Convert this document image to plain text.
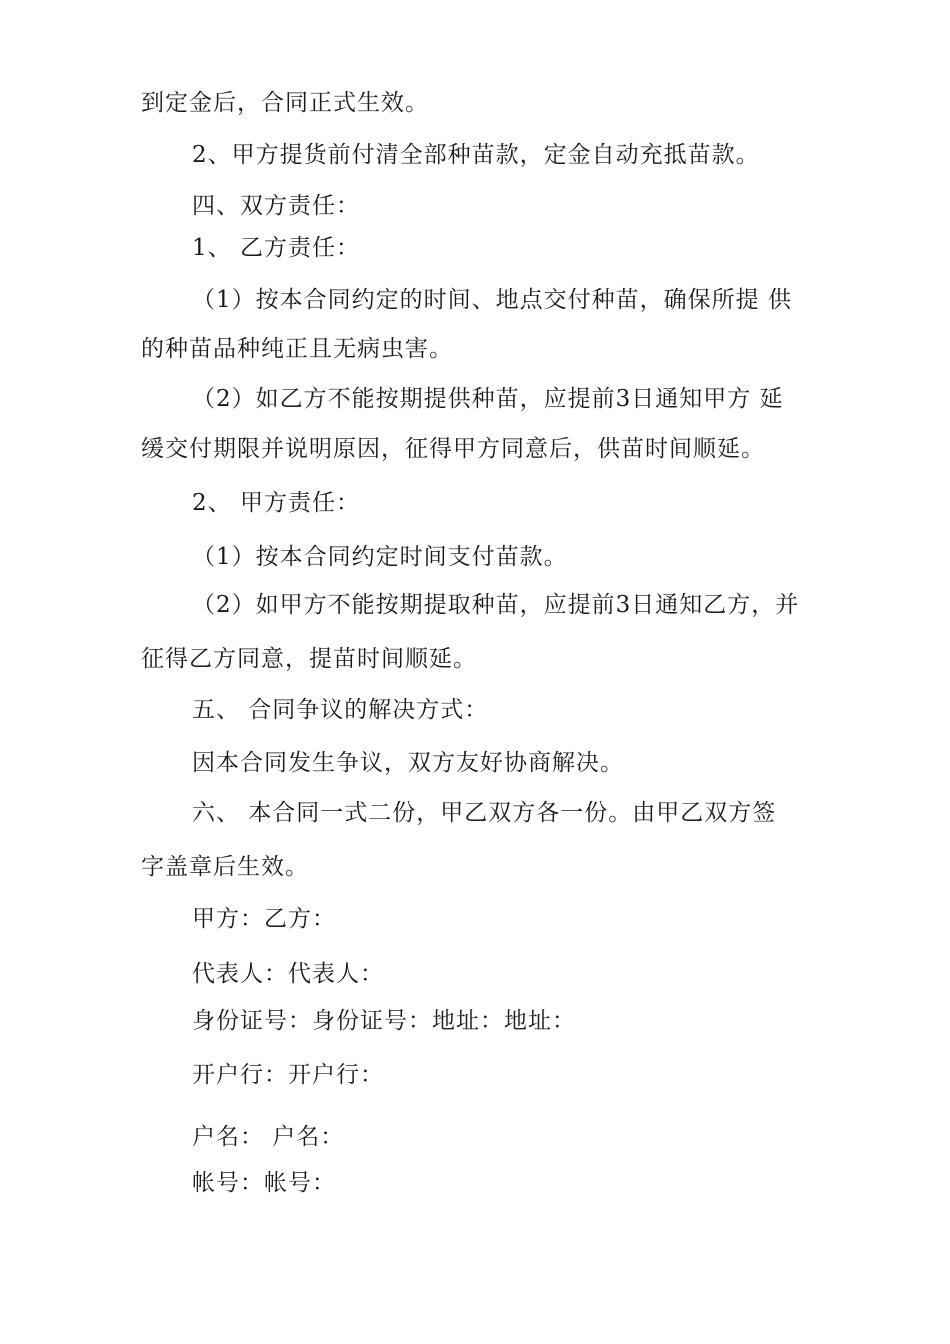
到定金后，合同正式生效。
2、甲方提货前付清全部种苗款，定金自动充抵苗款。
四、双方责任：
1、 乙方责任：
（1）按本合同约定的时间、地点交付种苗，确保所提 供
的种苗品种纯正且无病虫害。
（2）如乙方不能按期提供种苗，应提前3日通知甲方 延
缓交付期限并说明原因，征得甲方同意后，供苗时间顺延。
2、 甲方责任：
（1）按本合同约定时间支付苗款。
（2）如甲方不能按期提取种苗，应提前3日通知乙方，并
征得乙方同意，提苗时间顺延。
五、 合同争议的解决方式：
因本合同发生争议，双方友好协商解决。
六、 本合同一式二份，甲乙双方各一份。由甲乙双方签
字盖章后生效。
甲方：乙方：
代表人：代表人：
身份证号：身份证号：地址：地址：
开户行：开户行：
户名： 户名：
帐号：帐号：
